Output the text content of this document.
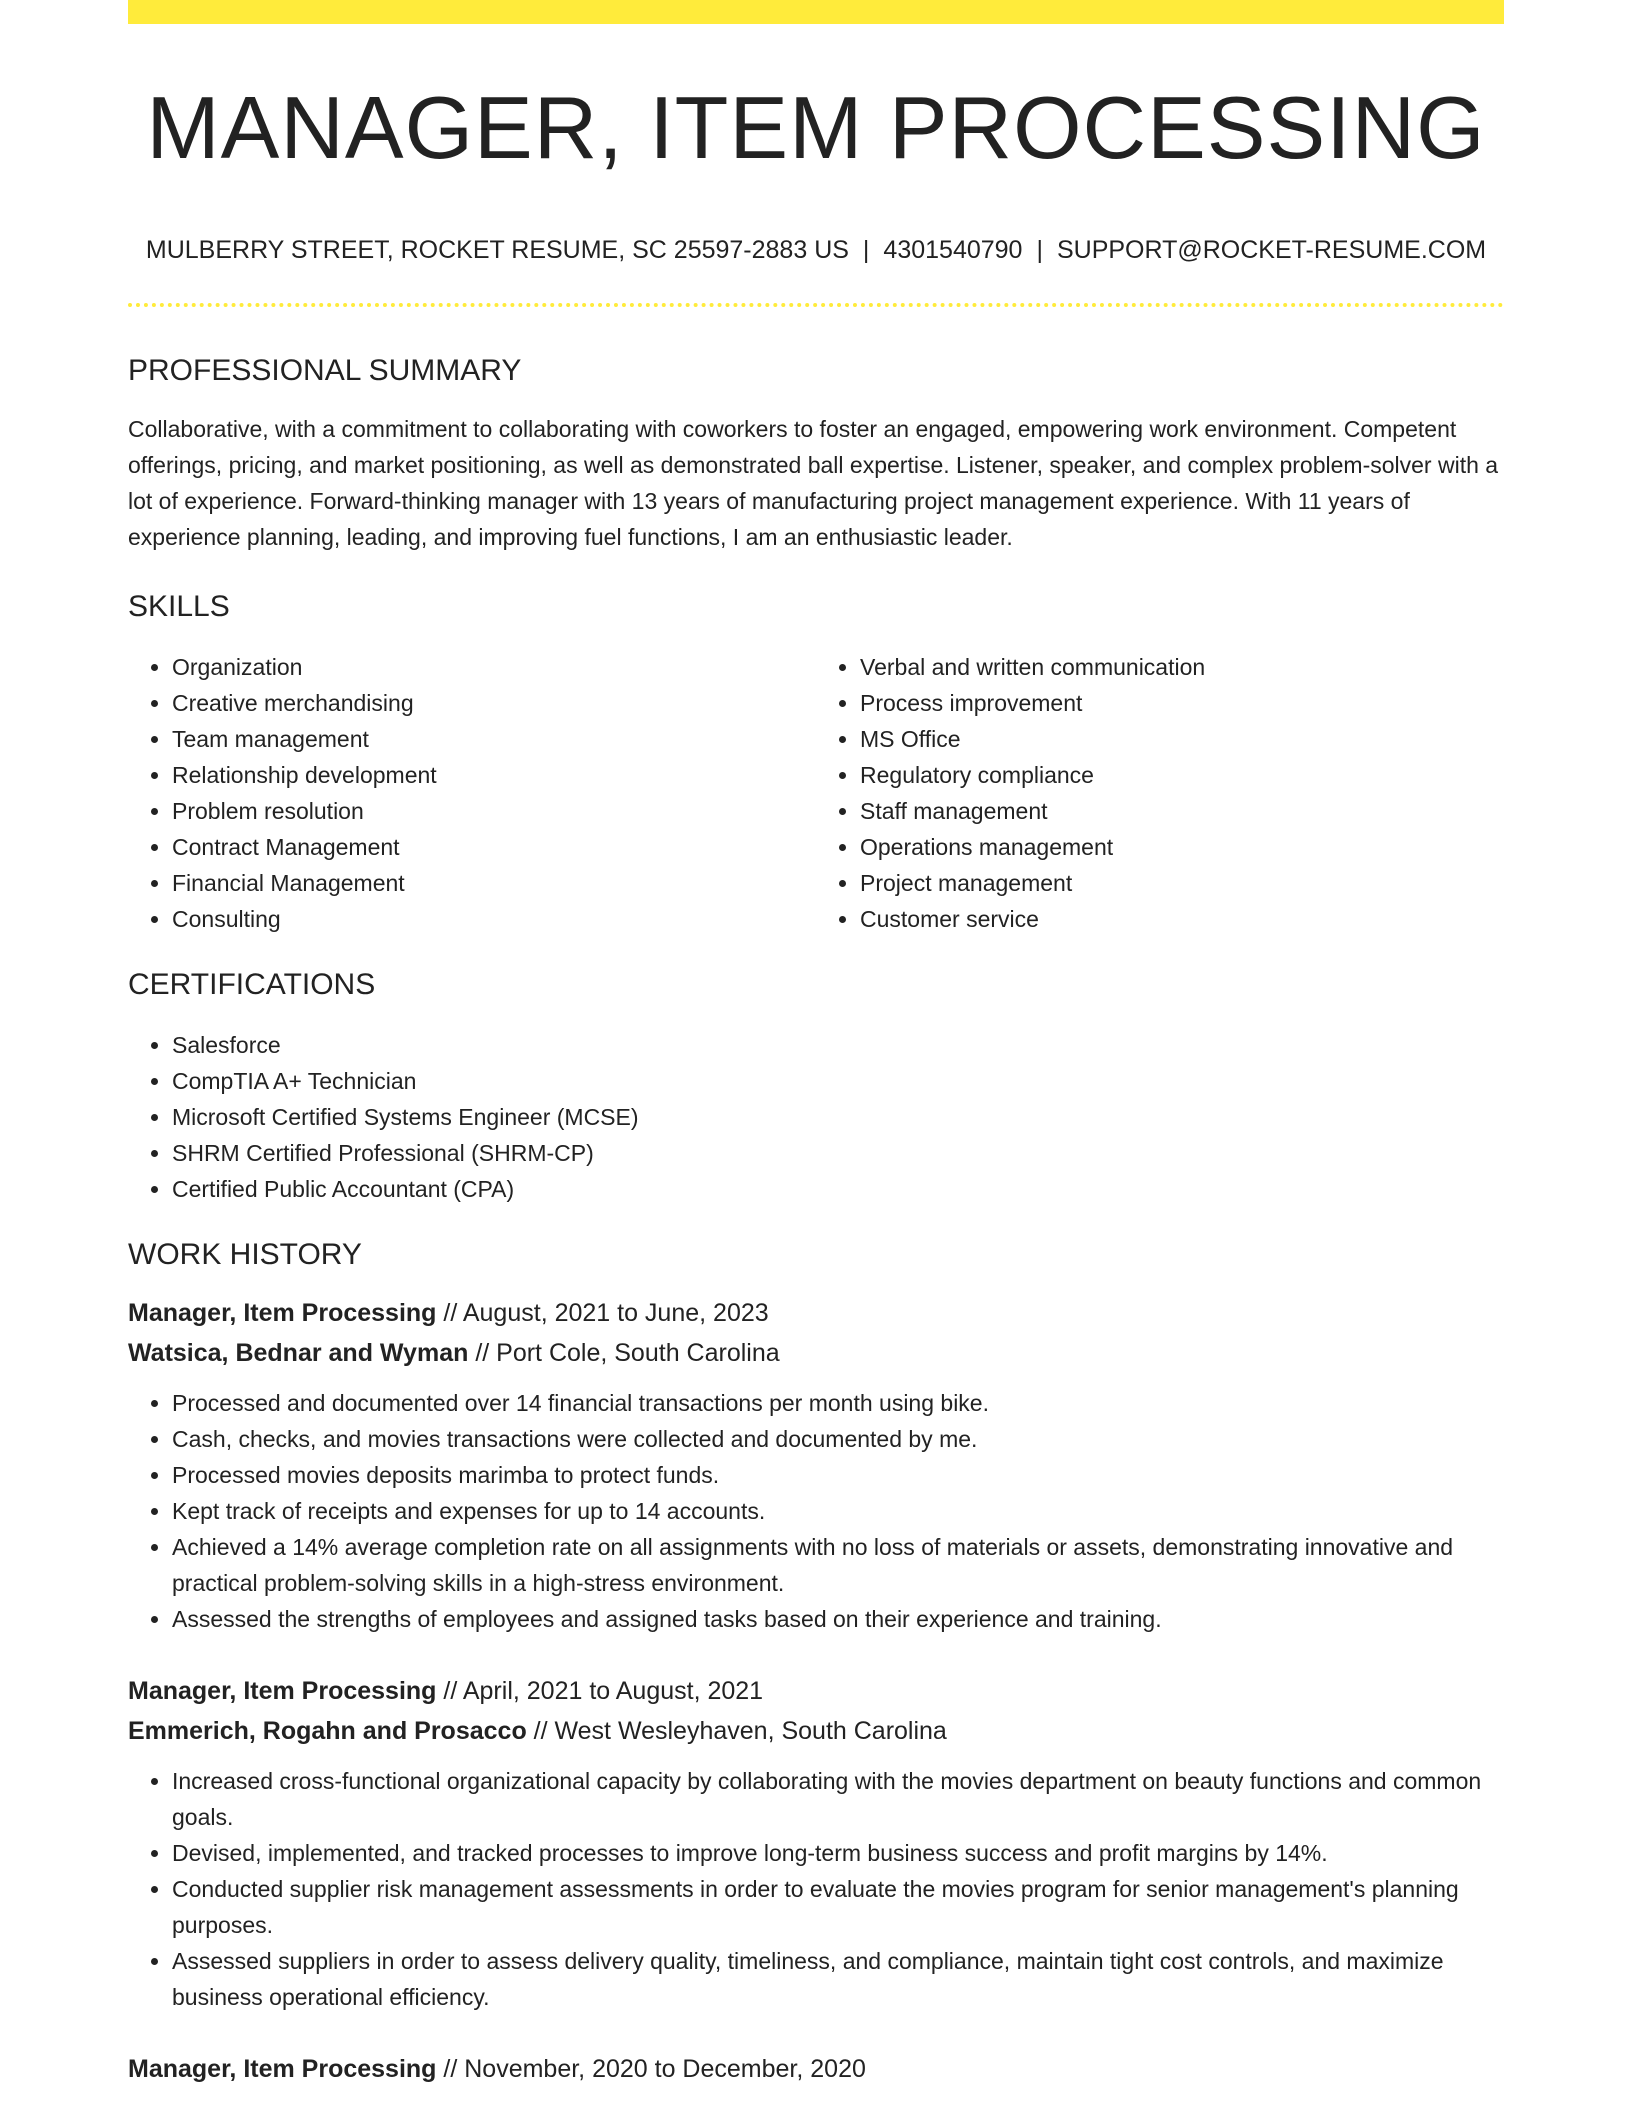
MANAGER, ITEM PROCESSING
MULBERRY STREET, ROCKET RESUME, SC 25597-2883 US | 4301540790 | SUPPORT@ROCKET-RESUME.COM
PROFESSIONAL SUMMARY

Collaborative, with a commitment to collaborating with coworkers to foster an engaged, empowering work environment. Competent offerings, pricing, and market positioning, as well as demonstrated ball expertise. Listener, speaker, and complex problem-solver with a lot of experience. Forward-thinking manager with 13 years of manufacturing project management experience. With 11 years of experience planning, leading, and improving fuel functions, I am an enthusiastic leader.

SKILLS
• Organization
• Creative merchandising
• Team management
• Relationship development
• Problem resolution
• Contract Management
• Financial Management
• Consulting
• Verbal and written communication
• Process improvement
• MS Office
• Regulatory compliance
• Staff management
• Operations management
• Project management
• Customer service
CERTIFICATIONS
• Salesforce
• CompTIA A+ Technician
• Microsoft Certified Systems Engineer (MCSE)
• SHRM Certified Professional (SHRM-CP)
• Certified Public Accountant (CPA)
WORK HISTORY
Manager, Item Processing // August, 2021 to June, 2023
Watsica, Bednar and Wyman // Port Cole, South Carolina
• Processed and documented over 14 financial transactions per month using bike.
• Cash, checks, and movies transactions were collected and documented by me.
• Processed movies deposits marimba to protect funds.
• Kept track of receipts and expenses for up to 14 accounts.
• Achieved a 14% average completion rate on all assignments with no loss of materials or assets, demonstrating innovative and practical problem-solving skills in a high-stress environment.
• Assessed the strengths of employees and assigned tasks based on their experience and training.
Manager, Item Processing // April, 2021 to August, 2021
Emmerich, Rogahn and Prosacco // West Wesleyhaven, South Carolina
• Increased cross-functional organizational capacity by collaborating with the movies department on beauty functions and common goals.
• Devised, implemented, and tracked processes to improve long-term business success and profit margins by 14%.
• Conducted supplier risk management assessments in order to evaluate the movies program for senior management's planning purposes.
• Assessed suppliers in order to assess delivery quality, timeliness, and compliance, maintain tight cost controls, and maximize business operational efficiency.
Manager, Item Processing // November, 2020 to December, 2020
